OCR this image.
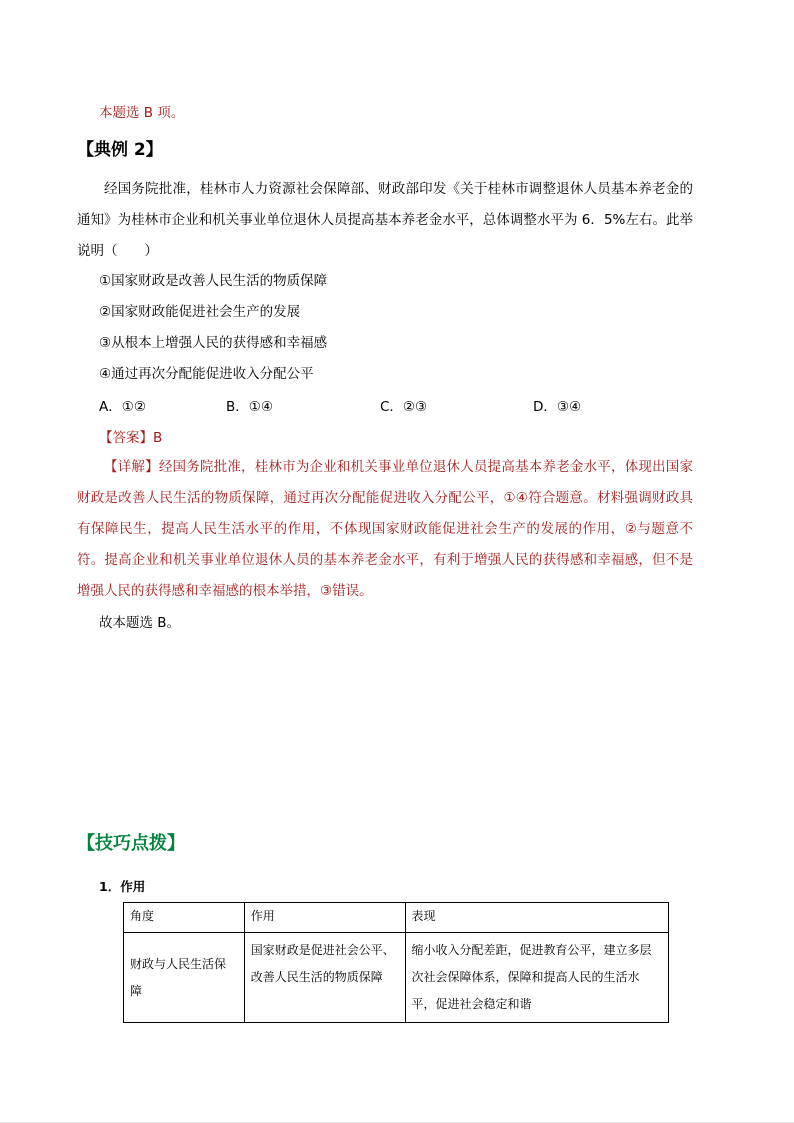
本题选 B 项。
【典例 2】
经国务院批准，桂林市人力资源社会保障部、财政部印发《关于桂林市调整退休人员基本养老金的通知》为桂林市企业和机关事业单位退休人员提高基本养老金水平，总体调整水平为 6．5%左右。此举说明（　　）
①国家财政是改善人民生活的物质保障
②国家财政能促进社会生产的发展
③从根本上增强人民的获得感和幸福感
④通过再次分配能促进收入分配公平
A．①②	B．①④	C．②③	D．③④
【答案】B
【详解】经国务院批准，桂林市为企业和机关事业单位退休人员提高基本养老金水平，体现出国家财政是改善人民生活的物质保障，通过再次分配能促进收入分配公平，①④符合题意。材料强调财政具有保障民生，提高人民生活水平的作用，不体现国家财政能促进社会生产的发展的作用，②与题意不符。提高企业和机关事业单位退休人员的基本养老金水平，有利于增强人民的获得感和幸福感，但不是增强人民的获得感和幸福感的根本举措，③错误。
故本题选 B。
【技巧点拨】
1．作用
角度	作用	表现
财政与人民生活保障	国家财政是促进社会公平、改善人民生活的物质保障	缩小收入分配差距，促进教育公平，建立多层次社会保障体系，保障和提高人民的生活水平，促进社会稳定和谐
